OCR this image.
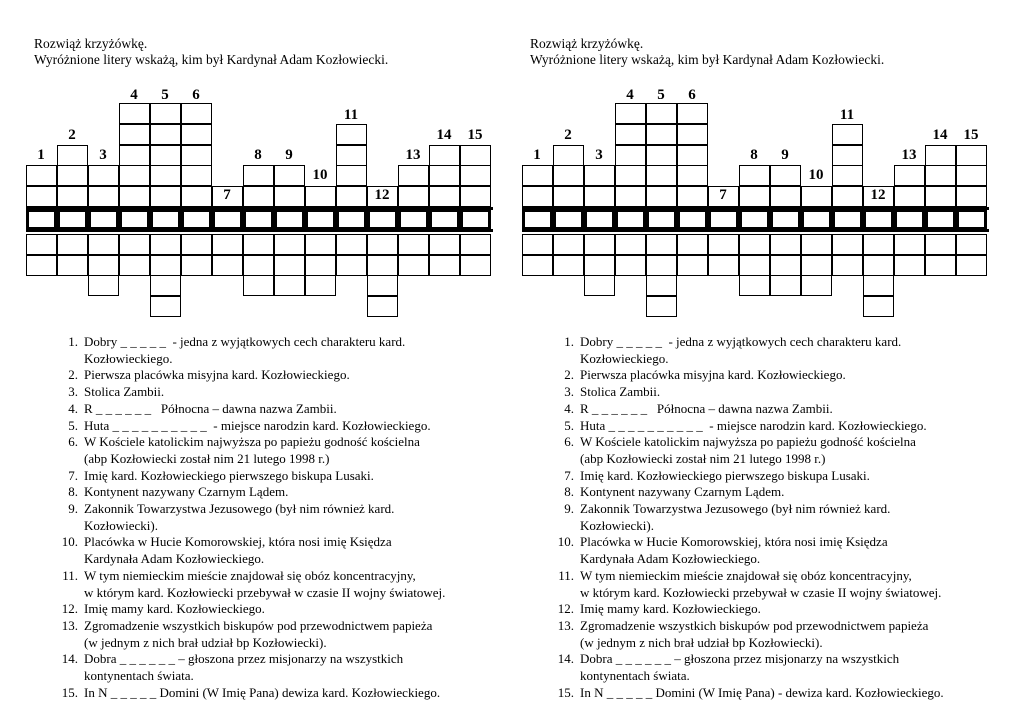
Rozwiąż krzyżówkę.
Wyróżnione litery wskażą, kim był Kardynał Adam Kozłowiecki.
1
2
3
4	5	6
7
8	9
10
11
12
13
14 15
1. Dobry _ _ _ _ _  - jedna z wyjątkowych cech charakteru kard.
Kozłowieckiego.
2. Pierwsza placówka misyjna kard. Kozłowieckiego.
3. Stolica Zambii.
4. R _ _ _ _ _ _   Północna – dawna nazwa Zambii.
5. Huta _ _ _ _ _ _ _ _ _ _  - miejsce narodzin kard. Kozłowieckiego.
6. W Kościele katolickim najwyższa po papieżu godność kościelna
(abp Kozłowiecki został nim 21 lutego 1998 r.)
7. Imię kard. Kozłowieckiego pierwszego biskupa Lusaki.
8. Kontynent nazywany Czarnym Lądem.
9. Zakonnik Towarzystwa Jezusowego (był nim również kard.
Kozłowiecki).
10. Placówka w Hucie Komorowskiej, która nosi imię Księdza
Kardynała Adam Kozłowieckiego.
11. W tym niemieckim mieście znajdował się obóz koncentracyjny,
w którym kard. Kozłowiecki przebywał w czasie II wojny światowej.
12. Imię mamy kard. Kozłowieckiego.
13. Zgromadzenie wszystkich biskupów pod przewodnictwem papieża
(w jednym z nich brał udział bp Kozłowiecki).
14. Dobra _ _ _ _ _ _ – głoszona przez misjonarzy na wszystkich
kontynentach świata.
15. In N _ _ _ _ _ Domini (W Imię Pana) dewiza kard. Kozłowieckiego.
Rozwiąż krzyżówkę.
Wyróżnione litery wskażą, kim był Kardynał Adam Kozłowiecki.
1
2
3
4	5	6
7
8	9
10
11
12
13
14 15
1. Dobry _ _ _ _ _  - jedna z wyjątkowych cech charakteru kard.
Kozłowieckiego.
2. Pierwsza placówka misyjna kard. Kozłowieckiego.
3. Stolica Zambii.
4. R _ _ _ _ _ _   Północna – dawna nazwa Zambii.
5. Huta _ _ _ _ _ _ _ _ _ _  - miejsce narodzin kard. Kozłowieckiego.
6. W Kościele katolickim najwyższa po papieżu godność kościelna
(abp Kozłowiecki został nim 21 lutego 1998 r.)
7. Imię kard. Kozłowieckiego pierwszego biskupa Lusaki.
8. Kontynent nazywany Czarnym Lądem.
9. Zakonnik Towarzystwa Jezusowego (był nim również kard.
Kozłowiecki).
10. Placówka w Hucie Komorowskiej, która nosi imię Księdza
Kardynała Adam Kozłowieckiego.
11. W tym niemieckim mieście znajdował się obóz koncentracyjny,
w którym kard. Kozłowiecki przebywał w czasie II wojny światowej.
12. Imię mamy kard. Kozłowieckiego.
13. Zgromadzenie wszystkich biskupów pod przewodnictwem papieża
(w jednym z nich brał udział bp Kozłowiecki).
14. Dobra _ _ _ _ _ _ – głoszona przez misjonarzy na wszystkich
kontynentach świata.
15. In N _ _ _ _ _ Domini (W Imię Pana) - dewiza kard. Kozłowieckiego.
